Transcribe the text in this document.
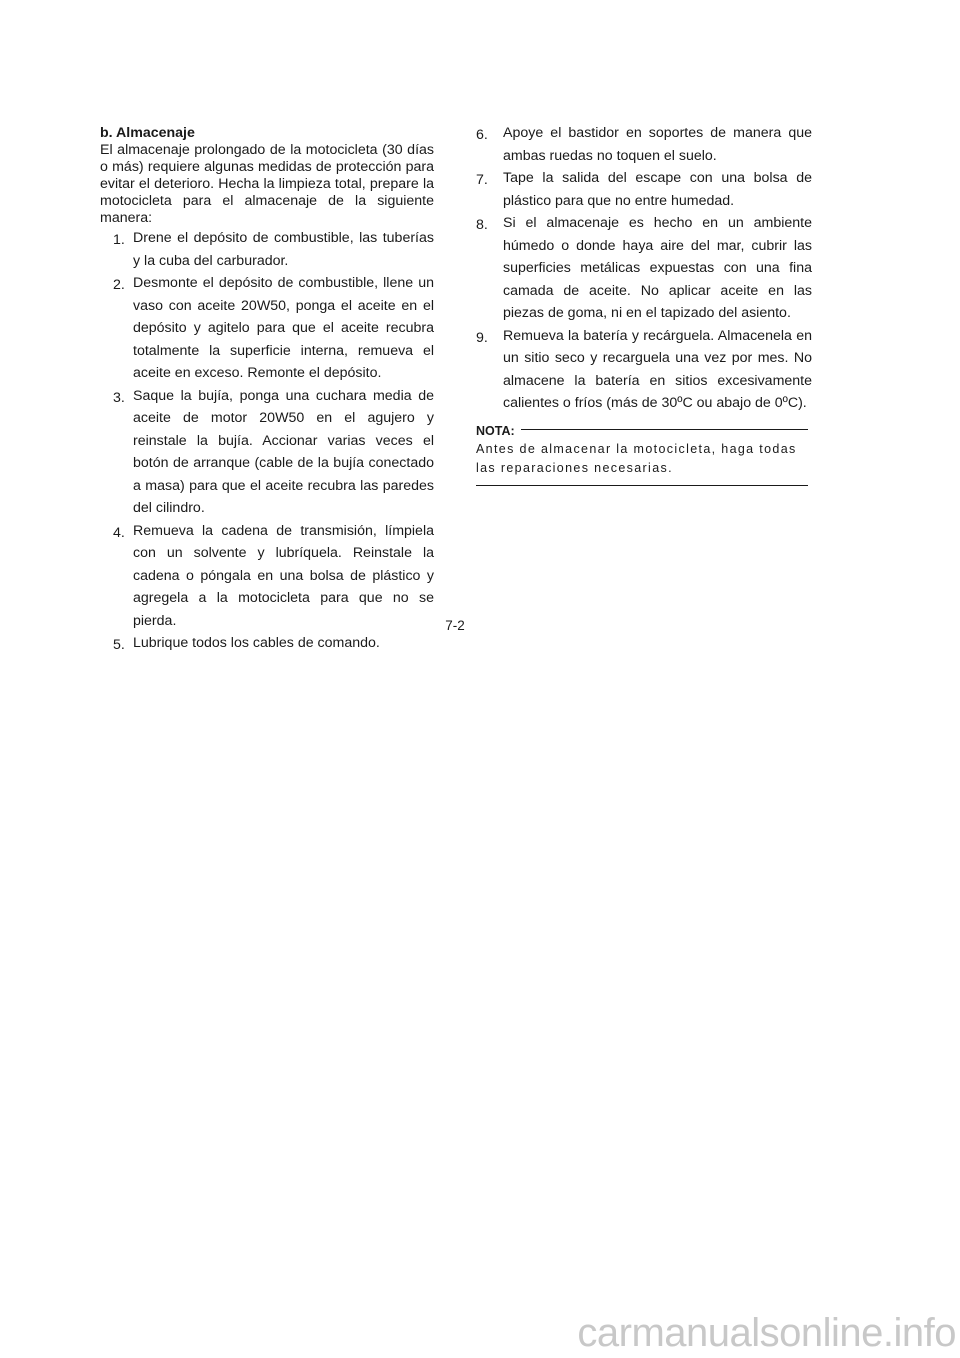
b. Almacenaje
El almacenaje prolongado de la motocicleta (30 días o más) requiere algunas medidas de protección para evitar el deterioro. Hecha la limpieza total, prepare la motocicleta para el almacenaje de la siguiente manera:
1. Drene el depósito de combustible, las tuberías y la cuba del carburador.
2. Desmonte el depósito de combustible, llene un vaso con aceite 20W50, ponga el aceite en el depósito y agitelo para que el aceite recubra totalmente la superficie interna, remueva el aceite en exceso. Remonte el depósito.
3. Saque la bujía, ponga una cuchara media de aceite de motor 20W50 en el agujero y reinstale la bujía. Accionar varias veces el botón de arranque (cable de la bujía conectado a masa) para que el aceite recubra las paredes del cilindro.
4. Remueva la cadena de transmisión, límpiela con un solvente y lubríquela. Reinstale la cadena o póngala en una bolsa de plástico y agregela a la motocicleta para que no se pierda.
5. Lubrique todos los cables de comando.
6. Apoye el bastidor en soportes de manera que ambas ruedas no toquen el suelo.
7. Tape la salida del escape con una bolsa de plástico para que no entre humedad.
8. Si el almacenaje es hecho en un ambiente húmedo o donde haya aire del mar, cubrir las superficies metálicas expuestas con una fina camada de aceite. No aplicar aceite en las piezas de goma, ni en el tapizado del asiento.
9. Remueva la batería y recárguela. Almacenela en un sitio seco y recarguela una vez por mes. No almacene la batería en sitios excesivamente calientes o fríos (más de 30ºC ou abajo de 0ºC).
NOTA:
Antes de almacenar la motocicleta, haga todas las reparaciones necesarias.
7-2
carmanualsonline.info
